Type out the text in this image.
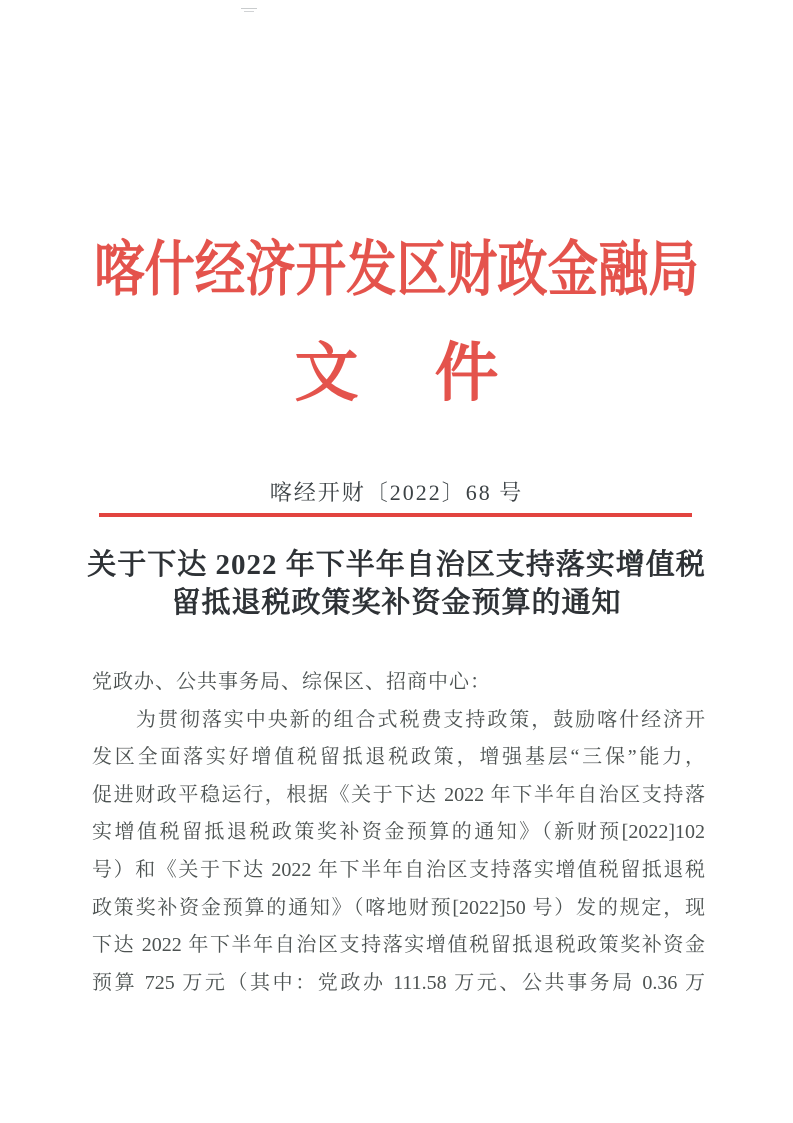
喀什经济开发区财政金融局
文 件
喀经开财〔2022〕68 号
关于下达 2022 年下半年自治区支持落实增值税
留抵退税政策奖补资金预算的通知
党政办、公共事务局、综保区、招商中心：
　　为贯彻落实中央新的组合式税费支持政策，鼓励喀什经济开
发区全面落实好增值税留抵退税政策，增强基层“三保”能力，
促进财政平稳运行，根据《关于下达 2022 年下半年自治区支持落
实增值税留抵退税政策奖补资金预算的通知》（新财预[2022]102
号）和《关于下达 2022 年下半年自治区支持落实增值税留抵退税
政策奖补资金预算的通知》（喀地财预[2022]50 号）发的规定，现
下达 2022 年下半年自治区支持落实增值税留抵退税政策奖补资金
预算 725 万元（其中：党政办 111.58 万元、公共事务局 0.36 万
